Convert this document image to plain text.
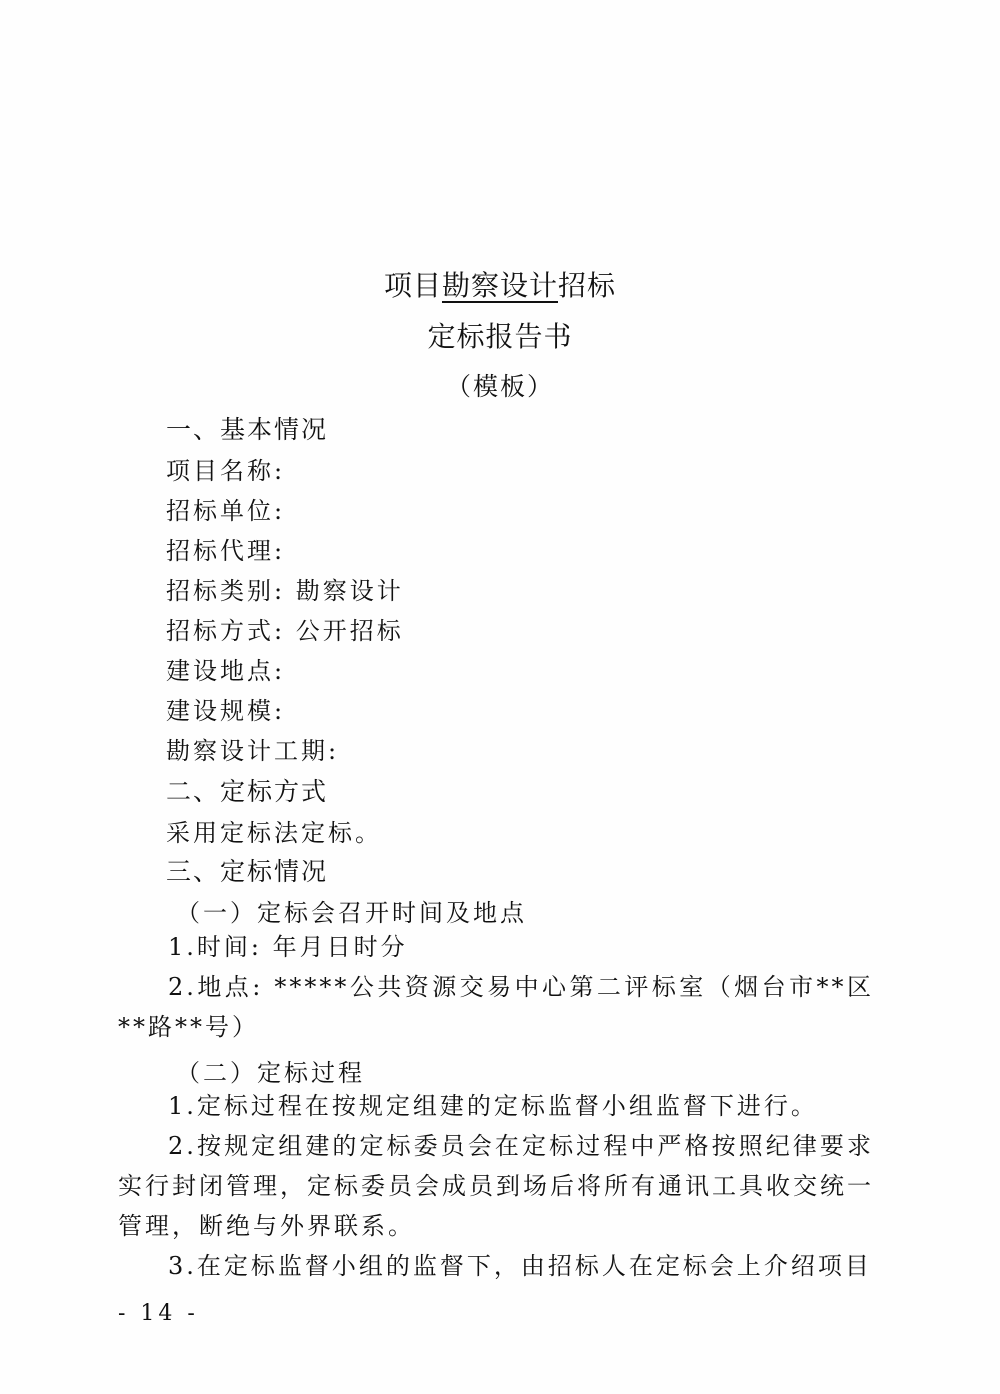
项目勘察设计招标
定标报告书
（模板）
一、基本情况
项目名称:
招标单位:
招标代理:
招标类别: 勘察设计
招标方式: 公开招标
建设地点:
建设规模:
勘察设计工期:
二、定标方式
采用定标法定标。
三、定标情况
（一）定标会召开时间及地点
1.时间: 年月日时分
2.地点: *****公共资源交易中心第二评标室（烟台市**区**路**号）
（二）定标过程
1.定标过程在按规定组建的定标监督小组监督下进行。
2.按规定组建的定标委员会在定标过程中严格按照纪律要求实行封闭管理，定标委员会成员到场后将所有通讯工具收交统一管理，断绝与外界联系。
3.在定标监督小组的监督下，由招标人在定标会上介绍项目
- 14 -
